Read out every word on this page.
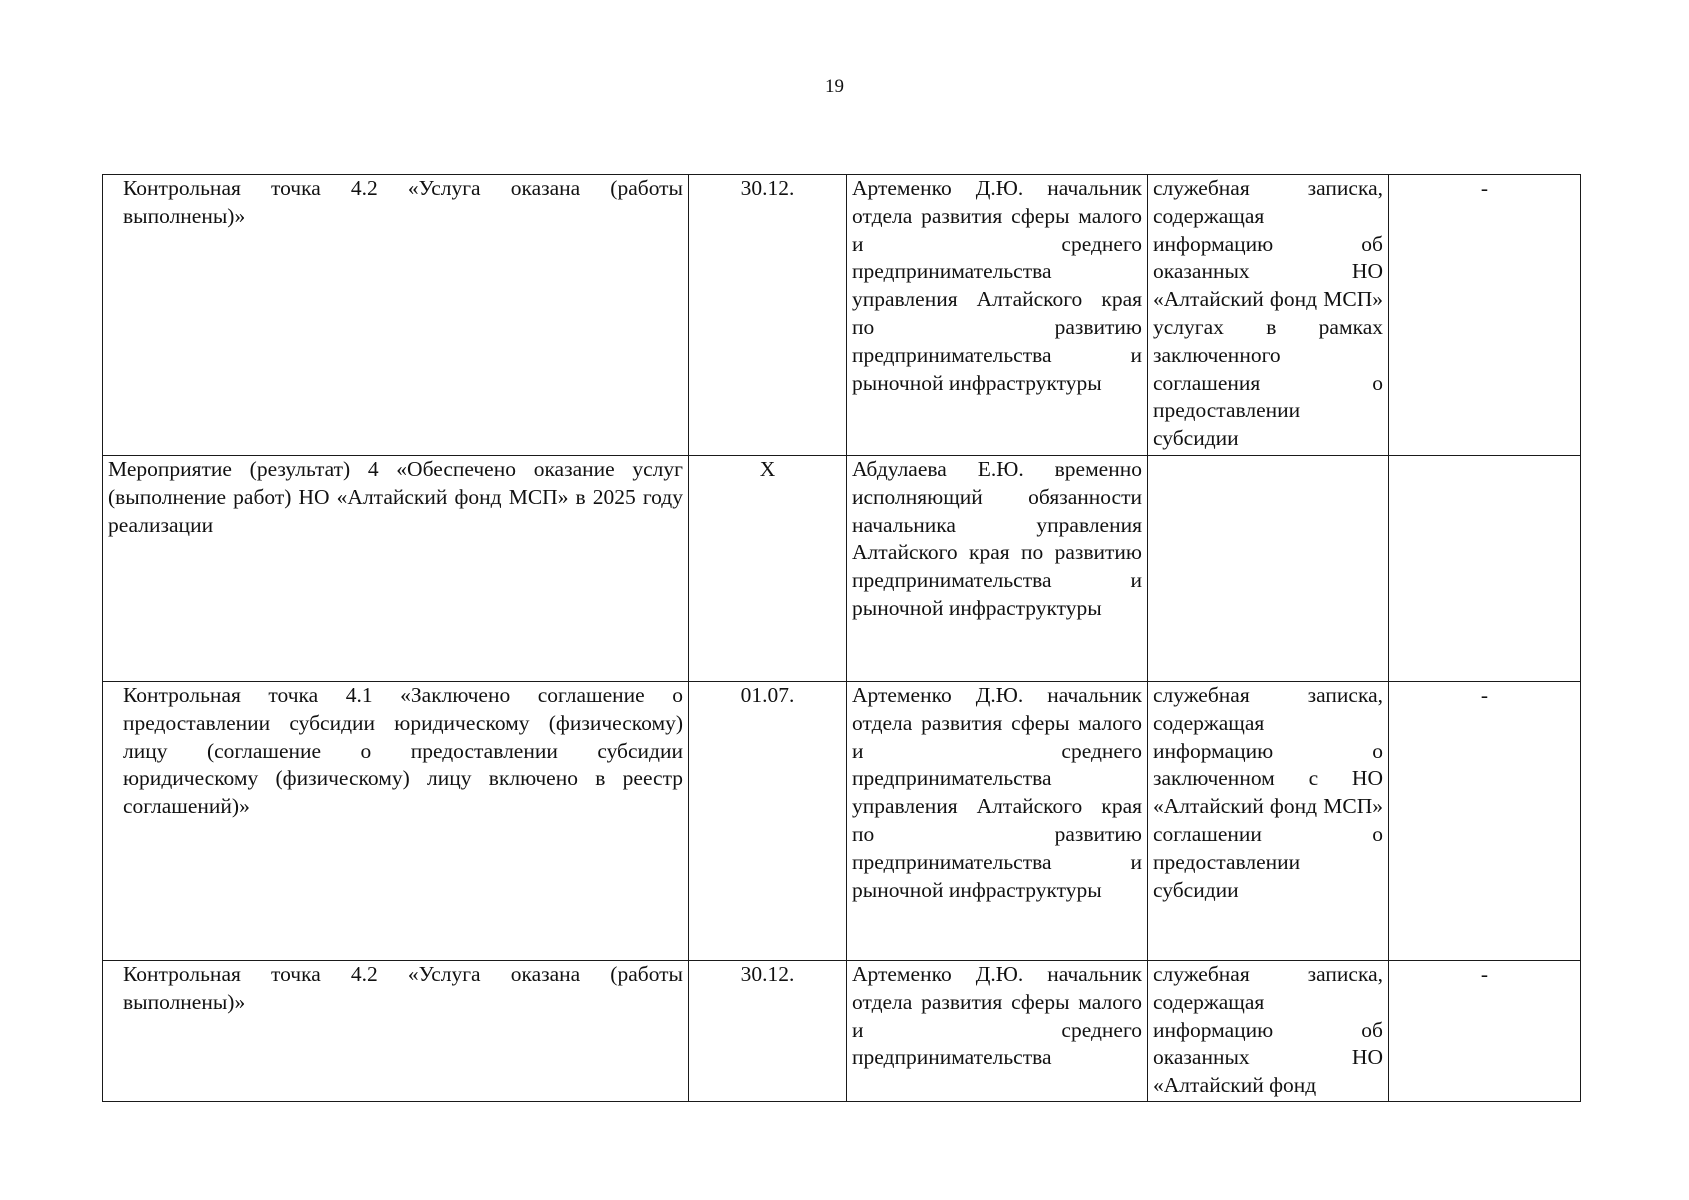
19
Контрольная точка 4.2 «Услуга оказана (работы выполнены)»	30.12.	Артеменко Д.Ю. начальник отдела развития сферы малого и среднего предпринимательства управления Алтайского края по развитию предпринимательства и рыночной инфраструктуры	служебная записка, содержащая информацию об оказанных НО «Алтайский фонд МСП» услугах в рамках заключенного соглашения о предоставлении субсидии	-

Мероприятие (результат) 4 «Обеспечено оказание услуг (выполнение работ) НО «Алтайский фонд МСП» в 2025 году реализации	Х	Абдулаева Е.Ю. временно исполняющий обязанности начальника управления Алтайского края по развитию предпринимательства и рыночной инфраструктуры		

Контрольная точка 4.1 «Заключено соглашение о предоставлении субсидии юридическому (физическому) лицу (соглашение о предоставлении субсидии юридическому (физическому) лицу включено в реестр соглашений)»	01.07.	Артеменко Д.Ю. начальник отдела развития сферы малого и среднего предпринимательства управления Алтайского края по развитию предпринимательства и рыночной инфраструктуры	служебная записка, содержащая информацию о заключенном с НО «Алтайский фонд МСП» соглашении о предоставлении субсидии	-

Контрольная точка 4.2 «Услуга оказана (работы выполнены)»	30.12.	Артеменко Д.Ю. начальник отдела развития сферы малого и среднего предпринимательства	служебная записка, содержащая информацию об оказанных НО «Алтайский фонд	-
